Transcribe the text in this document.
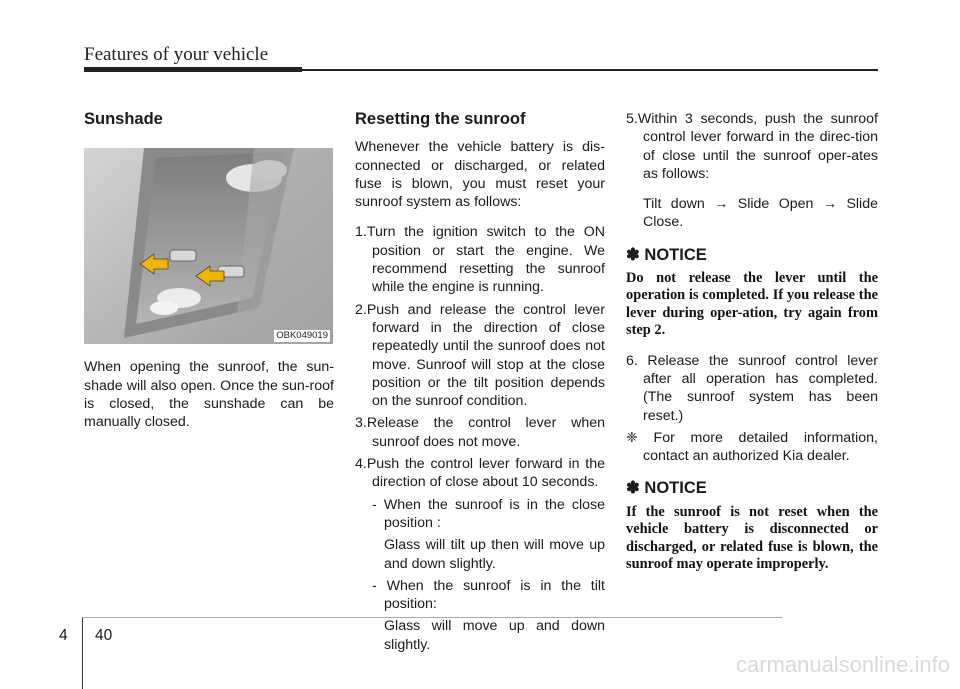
Features of your vehicle
Sunshade
OBK049019

When opening the sunroof, the sun-shade will also open. Once the sun-roof is closed, the sunshade can be manually closed.

Resetting the sunroof

Whenever the vehicle battery is dis-connected or discharged, or related fuse is blown, you must reset your sunroof system as follows:

1.Turn the ignition switch to the ON position or start the engine. We recommend resetting the sunroof while the engine is running.

2.Push and release the control lever forward in the direction of close repeatedly until the sunroof does not move. Sunroof will stop at the close position or the tilt position depends on the sunroof condition.

3.Release the control lever when sunroof does not move.

4.Push the control lever forward in the direction of close about 10 seconds.

- When the sunroof is in the close position :

Glass will tilt up then will move up and down slightly.

- When the sunroof is in the tilt position:

Glass will move up and down slightly.

5.Within 3 seconds, push the sunroof control lever forward in the direc-tion of close until the sunroof oper-ates as follows:

Tilt down → Slide Open → Slide Close.

✽ NOTICE

Do not release the lever until the operation is completed. If you release the lever during oper-ation, try again from step 2.

6. Release the sunroof control lever after all operation has completed. (The sunroof system has been reset.)

❈ For more detailed information, contact an authorized Kia dealer.

✽ NOTICE

If the sunroof is not reset when the vehicle battery is disconnected or discharged, or related fuse is blown, the sunroof may operate improperly.

4 40
carmanualsonline.info
